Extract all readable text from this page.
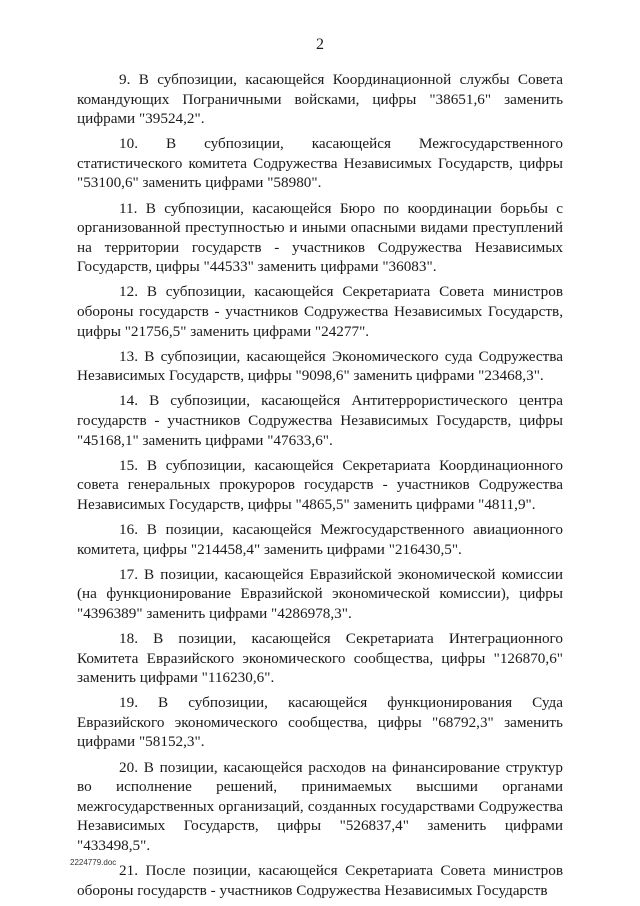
2

9. В субпозиции, касающейся Координационной службы Совета командующих Пограничными войсками, цифры "38651,6" заменить цифрами "39524,2".

10. В субпозиции, касающейся Межгосударственного статистического комитета Содружества Независимых Государств, цифры "53100,6" заменить цифрами "58980".

11. В субпозиции, касающейся Бюро по координации борьбы с организованной преступностью и иными опасными видами преступлений на территории государств - участников Содружества Независимых Государств, цифры "44533" заменить цифрами "36083".

12. В субпозиции, касающейся Секретариата Совета министров обороны государств - участников Содружества Независимых Государств, цифры "21756,5" заменить цифрами "24277".

13. В субпозиции, касающейся Экономического суда Содружества Независимых Государств, цифры "9098,6" заменить цифрами "23468,3".

14. В субпозиции, касающейся Антитеррористического центра государств - участников Содружества Независимых Государств, цифры "45168,1" заменить цифрами "47633,6".

15. В субпозиции, касающейся Секретариата Координационного совета генеральных прокуроров государств - участников Содружества Независимых Государств, цифры "4865,5" заменить цифрами "4811,9".

16. В позиции, касающейся Межгосударственного авиационного комитета, цифры "214458,4" заменить цифрами "216430,5".

17. В позиции, касающейся Евразийской экономической комиссии (на функционирование Евразийской экономической комиссии), цифры "4396389" заменить цифрами "4286978,3".

18. В позиции, касающейся Секретариата Интеграционного Комитета Евразийского экономического сообщества, цифры "126870,6" заменить цифрами "116230,6".

19. В субпозиции, касающейся функционирования Суда Евразийского экономического сообщества, цифры "68792,3" заменить цифрами "58152,3".

20. В позиции, касающейся расходов на финансирование структур во исполнение решений, принимаемых высшими органами межгосударственных организаций, созданных государствами Содружества Независимых Государств, цифры "526837,4" заменить цифрами "433498,5".

21. После позиции, касающейся Секретариата Совета министров обороны государств - участников Содружества Независимых Государств

2224779.doc
